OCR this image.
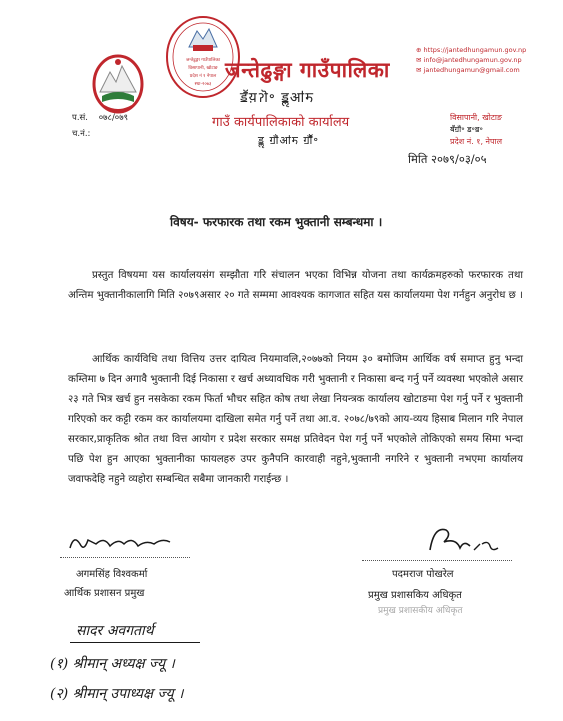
जन्तेढुङ्गा गाउँपालिका
विसापानी, खोटाङ
प्रदेश नं १ नेपाल
स्था-२०७३
जन्तेढुङ्गा गाउँपालिका
ॾॕय़ॽॊ॰ ॾॢॴॸ
गाउँ कार्यपालिकाको कार्यालय
ॾॢ ॻॏॴॸ ॻॏॕ॰
⊕ https://jantedhungamun.gov.np
✉ info@jantedhungamun.gov.np
✉ jantedhungamun@gmail.com
विसापानी, खोटाङ
ॺॕॻॏ॰ ॾ॰ॿ॰
प्रदेश नं. १, नेपाल
प.सं. ०७८/०७९
च.नं.:
मिति २०७९/०३/०५
विषय- फरफारक तथा रकम भुक्तानी सम्बन्धमा ।
प्रस्तुत विषयमा यस कार्यालयसंग सम्झौता गरि संचालन भएका विभिन्न योजना तथा कार्यक्रमहरुको फरफारक तथा अन्तिम भुक्तानीकालागि मिति २०७९असार २० गते सम्ममा आवश्यक कागजात सहित यस कार्यालयमा पेश गर्नहुन अनुरोध छ ।
आर्थिक कार्यविधि तथा वित्तिय उत्तर दायित्व नियमावलि,२०७७को नियम ३० बमोजिम आर्थिक वर्ष समाप्त हुनु भन्दा कम्तिमा ७ दिन अगावै भुक्तानी दिई निकासा र खर्च अध्यावधिक गरी भुक्तानी र निकासा बन्द गर्नु पर्ने व्यवस्था भएकोले असार २३ गते भित्र खर्च हुन नसकेका रकम फिर्ता भौचर सहित कोष तथा लेखा नियन्त्रक कार्यालय खोटाङमा पेश गर्नु पर्ने र भुक्तानी गरिएको कर कट्टी रकम कर कार्यालयमा दाखिला समेत गर्नु पर्ने तथा आ.व. २०७८/७९को आय-व्यय हिसाब मिलान गरि नेपाल सरकार,प्राकृतिक श्रोत तथा वित्त आयोग र प्रदेश सरकार समक्ष प्रतिवेदन पेश गर्नु पर्ने भएकोले तोकिएको समय सिमा भन्दा पछि पेश हुन आएका भुक्तानीका फायलहरु उपर कुनैपनि कारवाही नहुने,भुक्तानी नगरिने र भुक्तानी नभएमा कार्यालय जवाफदेहि नहुने व्यहोरा सम्बन्धित सबैमा जानकारी गराईन्छ ।
अगमसिंह विश्वकर्मा
आर्थिक प्रशासन प्रमुख
पदमराज पोखरेल
प्रमुख प्रशासकिय अधिकृत
प्रमुख प्रशासकीय अधिकृत
सादर अवगतार्थ
(१) श्रीमान् अध्यक्ष ज्यू ।
(२) श्रीमान् उपाध्यक्ष ज्यू ।
